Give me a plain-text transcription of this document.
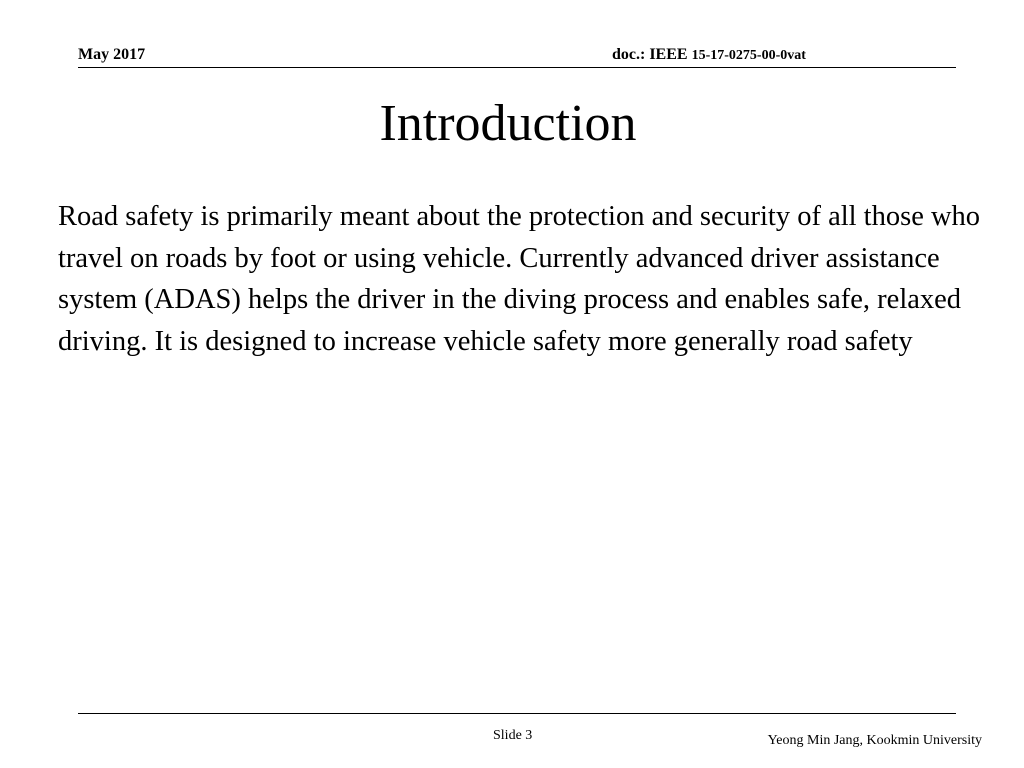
May 2017	doc.: IEEE 15-17-0275-00-0vat
Introduction
Road safety is primarily meant about the protection and security of all those who travel on roads by foot or using vehicle. Currently advanced driver assistance system (ADAS) helps the driver in the diving process and enables safe, relaxed driving. It is designed to increase vehicle safety more generally road safety
Slide 3	Yeong Min Jang, Kookmin University
